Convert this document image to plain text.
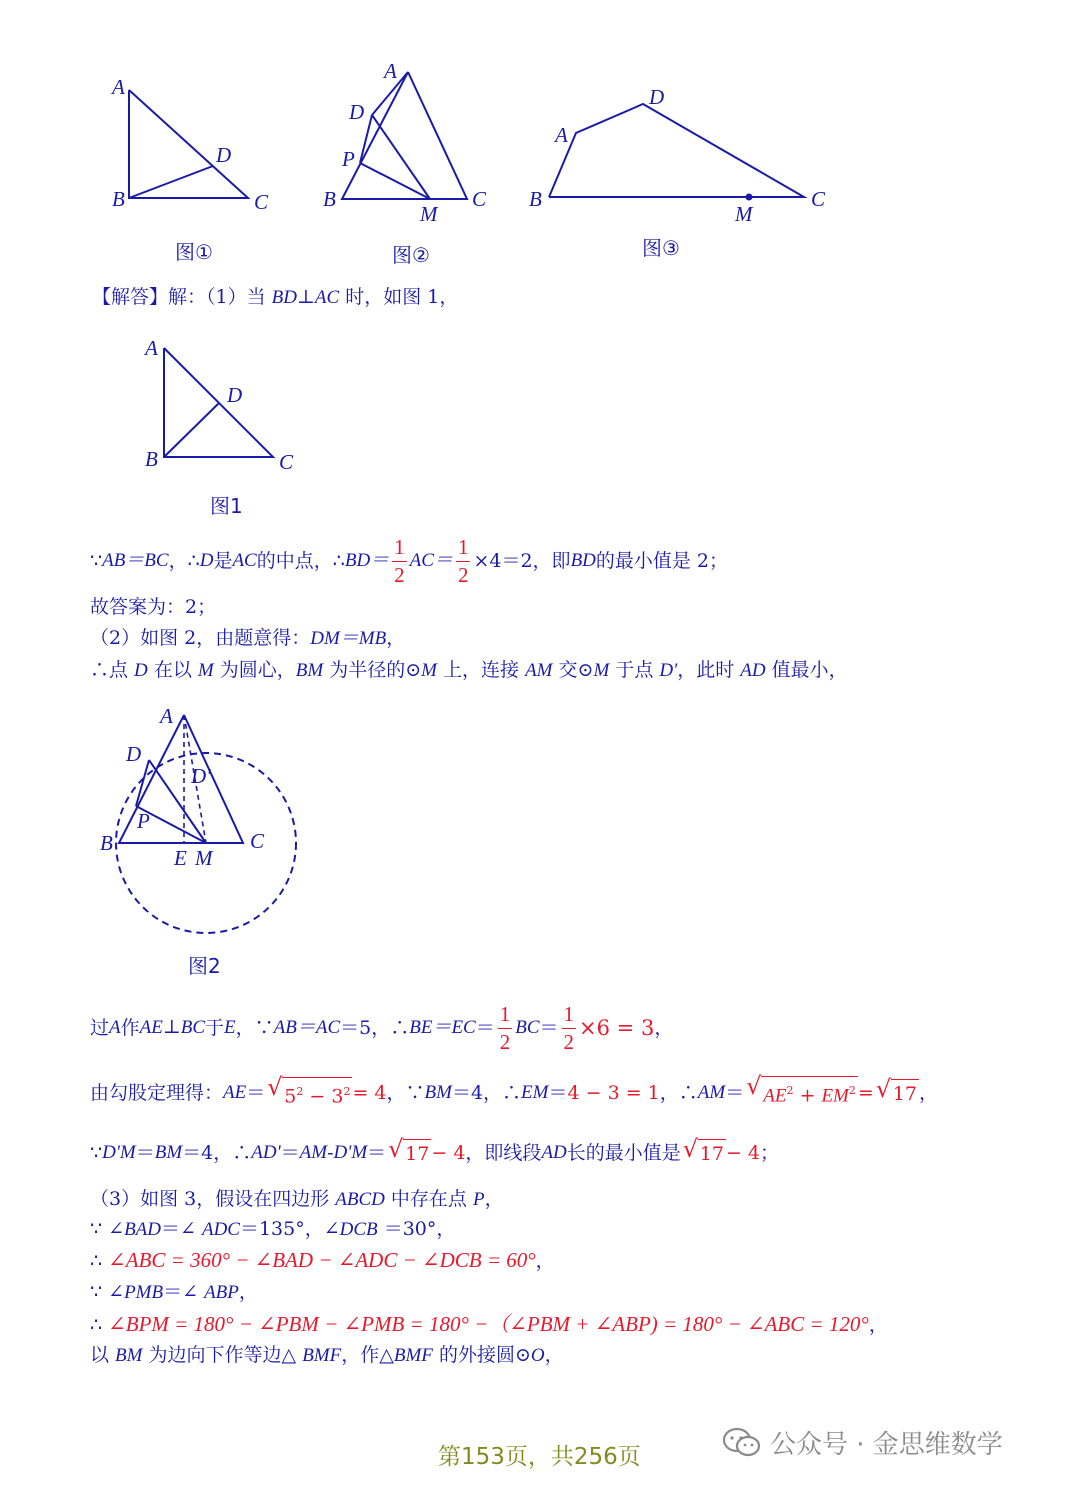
A
D
B	C
图①
A
D
P
B
M
C
图②
A
D
B
M
C
图③
【解答】解：（1）当 BD⊥AC 时，如图 1，
A
D
B	C
图1
∵ AB＝BC ， ∴ D 是 AC 的中点， ∴ $BD= \frac{1}{2} AC= \frac{1}{2} \times 4=2$，即 BD 的最小值是 2；
故答案为：2；
（2）如图 2，由题意得：DM＝MB，
∴点 D 在以 M 为圆心，BM 为半径的⊙M 上，连接 AM 交⊙M 于点 D'，此时 AD 值最小，
A
D
D'
P
B
E M
C
图2
过 A 作 AE⊥BC 于 E ，∵ AB＝AC ＝5，∴ $BE=EC = \frac{1}{2}$ BC ＝ $\frac{1}{2} \times 6 = 3$ ，
由勾股定理得： AE ＝ √ $5^2 - 3^2 = 4$ ，∵ BM ＝4，∴ EM ＝ 4 − 3 = 1 ，∴ AM ＝ √ $AE^2 + EM^2$ = √ 17 ，
∵ D'M ＝ BM ＝4，∴ AD' ＝ AM - D'M ＝ √ 17 − 4 ，即线段 AD 长的最小值是 √ 17 − 4 ；
（3）如图 3，假设在四边形 ABCD 中存在点 P，
∵ ∠BAD＝∠ ADC＝135°，∠DCB ＝30°，
∴ ∠ABC = 360° − ∠BAD − ∠ADC − ∠DCB = 60°，
∵ ∠PMB＝∠ ABP，
∴ ∠BPM = 180° − ∠PBM − ∠PMB = 180° −（∠PBM + ∠ABP) = 180° − ∠ABC = 120°，
以 BM 为边向下作等边△ BMF，作△BMF 的外接圆⊙O，
第153页，共256页	公众号 · 金思维数学
